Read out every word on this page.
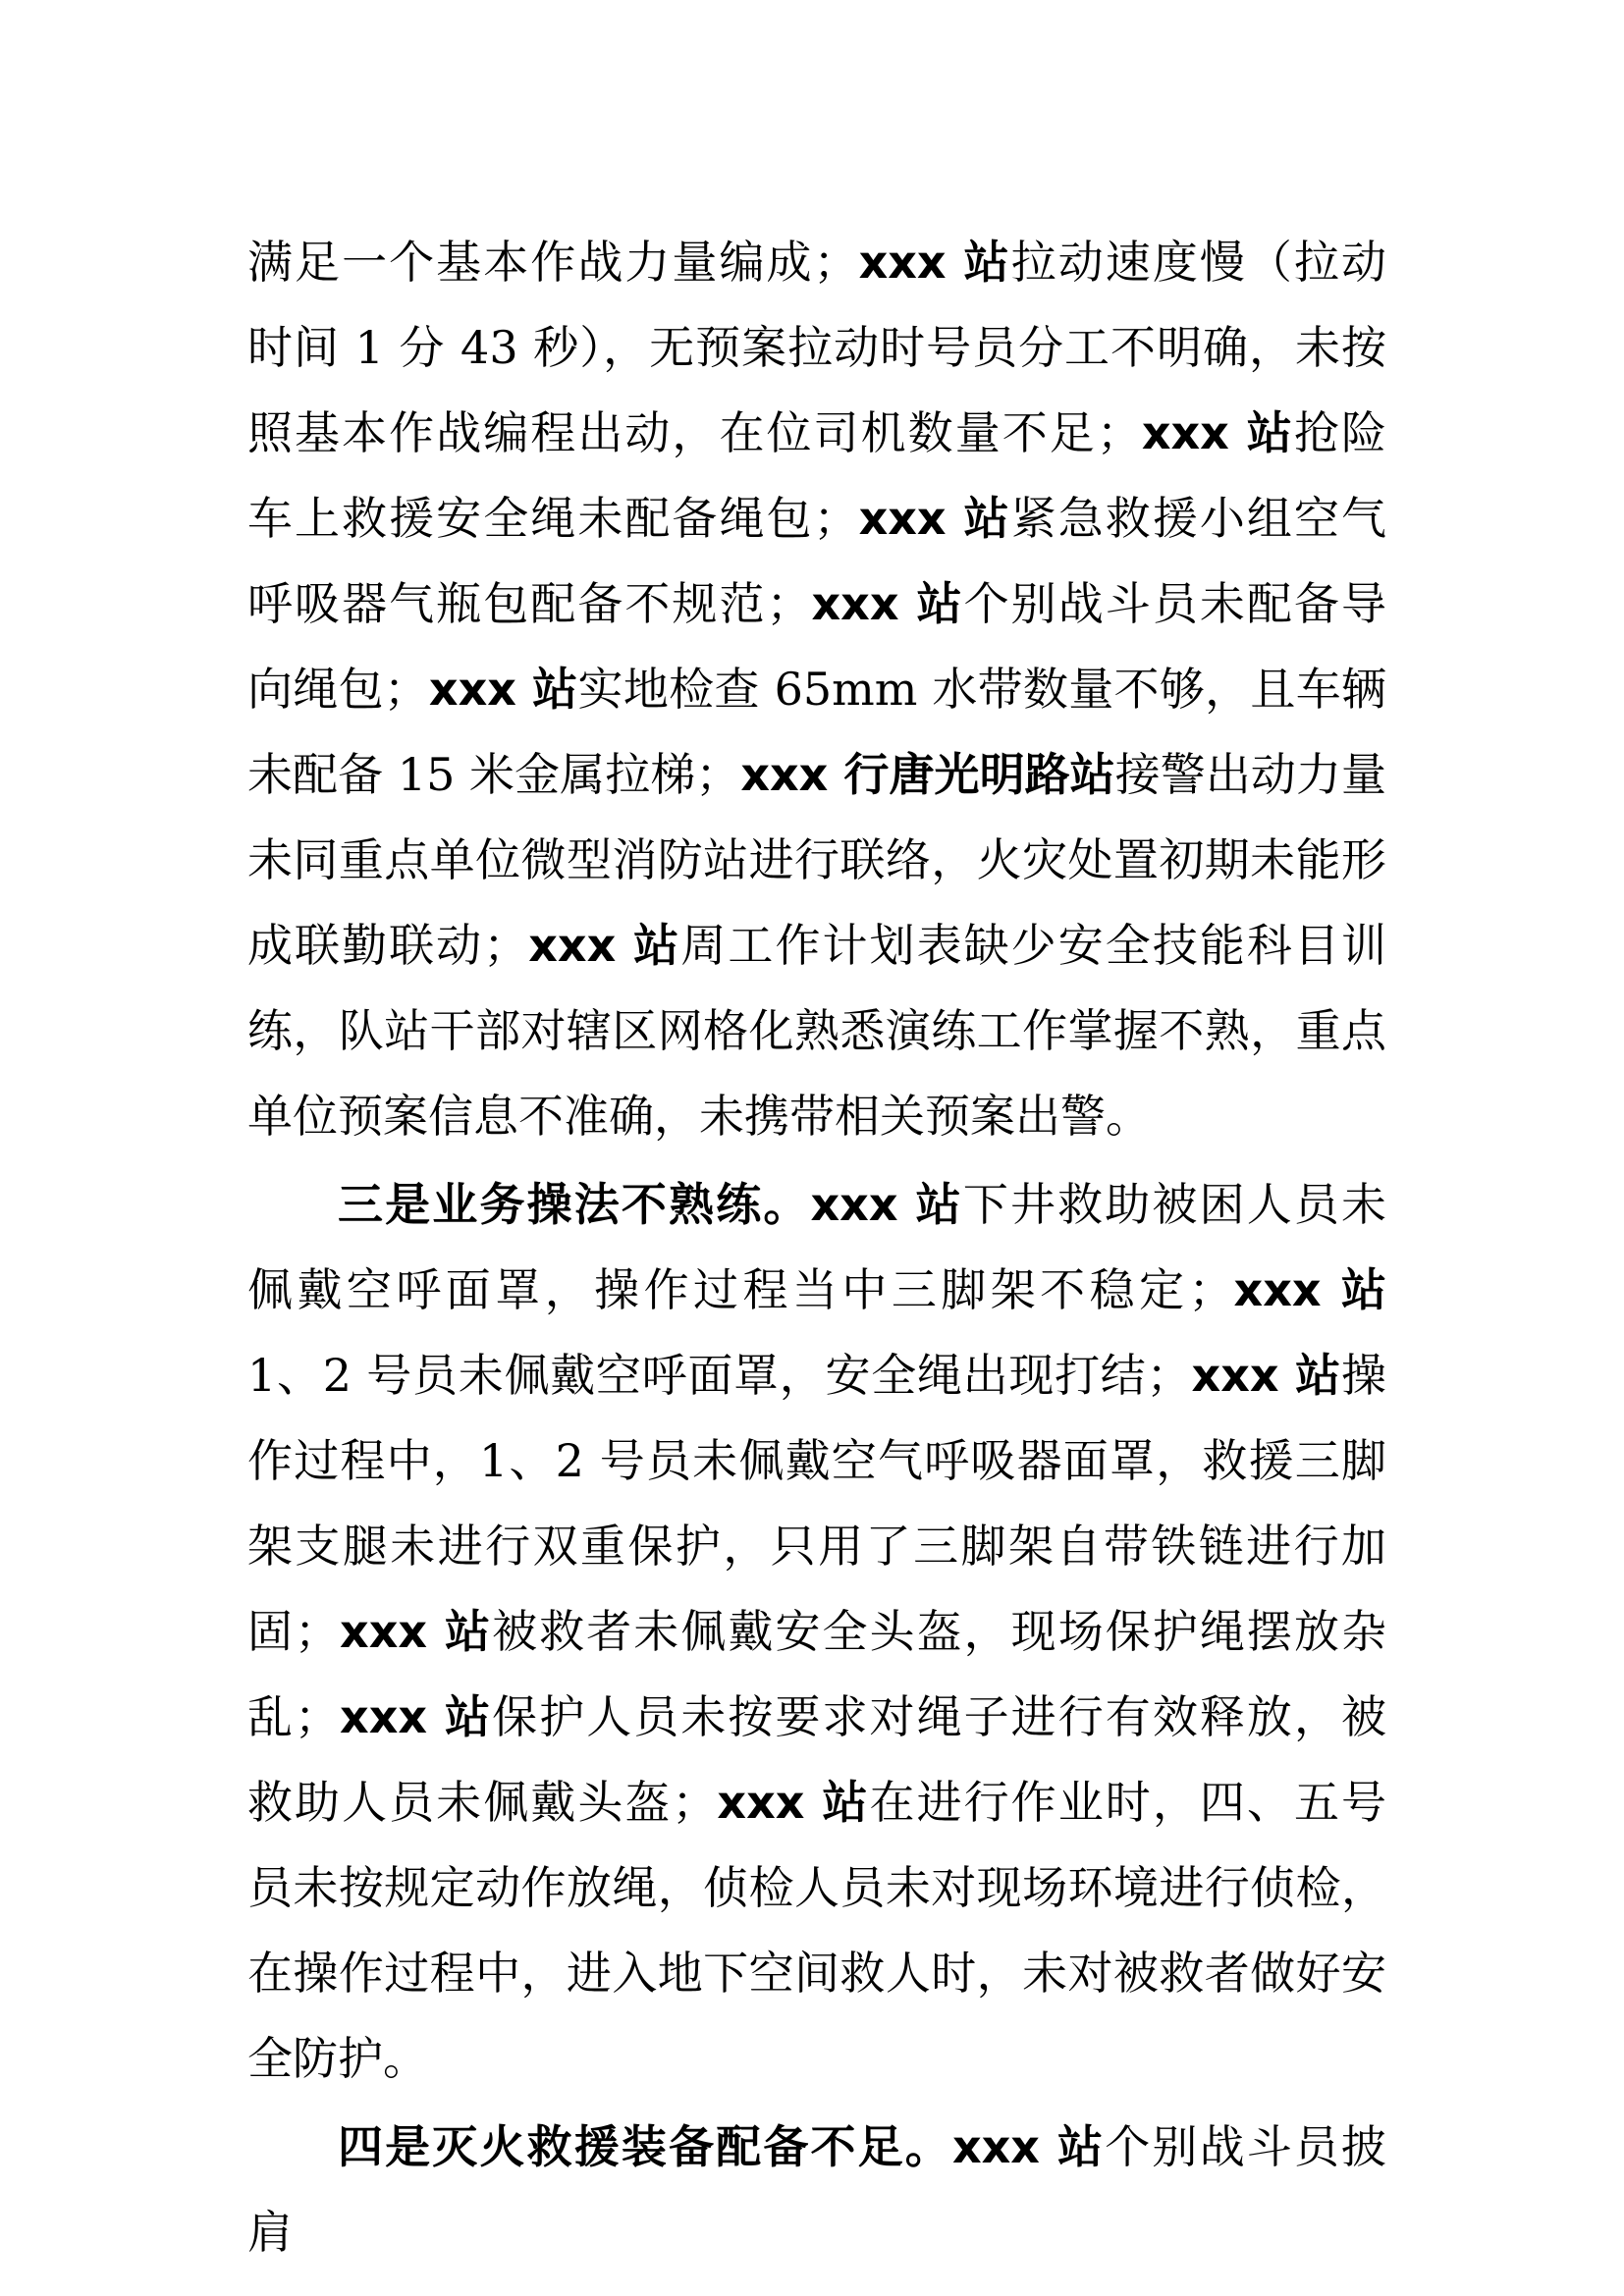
满足一个基本作战力量编成；xxx 站拉动速度慢（拉动时间 1 分 43 秒），无预案拉动时号员分工不明确，未按照基本作战编程出动，在位司机数量不足；xxx 站抢险车上救援安全绳未配备绳包；xxx 站紧急救援小组空气呼吸器气瓶包配备不规范；xxx 站个别战斗员未配备导向绳包；xxx 站实地检查 65mm 水带数量不够，且车辆未配备 15 米金属拉梯；xxx 行唐光明路站接警出动力量未同重点单位微型消防站进行联络，火灾处置初期未能形成联勤联动；xxx 站周工作计划表缺少安全技能科目训练，队站干部对辖区网格化熟悉演练工作掌握不熟，重点单位预案信息不准确，未携带相关预案出警。

三是业务操法不熟练。xxx 站下井救助被困人员未佩戴空呼面罩，操作过程当中三脚架不稳定；xxx 站 1、2 号员未佩戴空呼面罩，安全绳出现打结；xxx 站操作过程中，1、2 号员未佩戴空气呼吸器面罩，救援三脚架支腿未进行双重保护，只用了三脚架自带铁链进行加固；xxx 站被救者未佩戴安全头盔，现场保护绳摆放杂乱；xxx 站保护人员未按要求对绳子进行有效释放，被救助人员未佩戴头盔；xxx 站在进行作业时，四、五号员未按规定动作放绳，侦检人员未对现场环境进行侦检，在操作过程中，进入地下空间救人时，未对被救者做好安全防护。

四是灭火救援装备配备不足。xxx 站个别战斗员披肩
